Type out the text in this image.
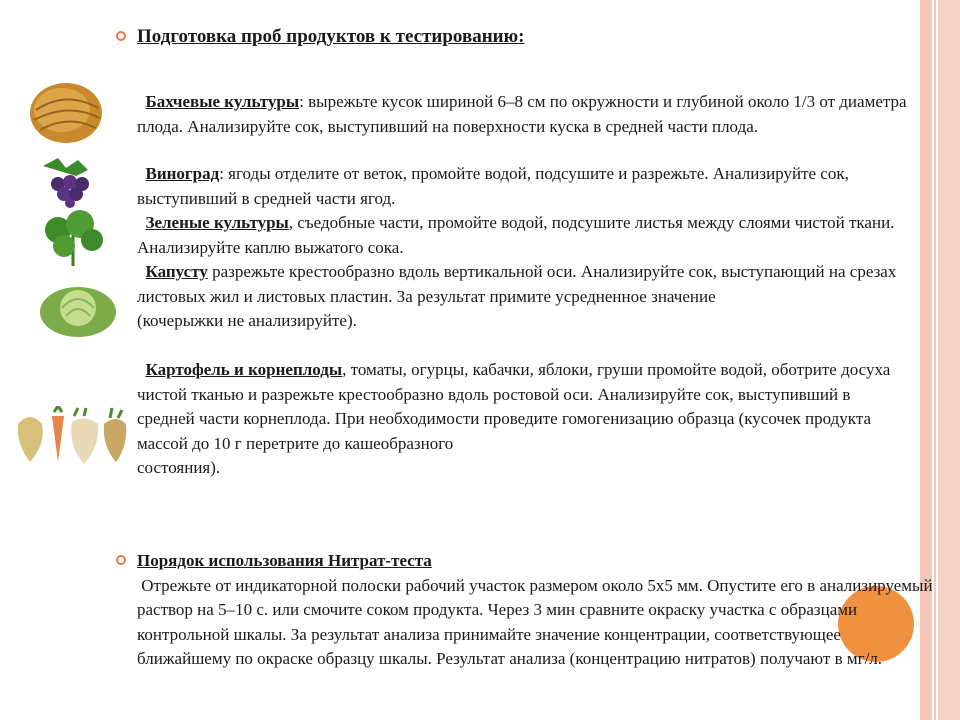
Подготовка проб продуктов к тестированию:
Бахчевые культуры: вырежьте кусок шириной 6–8 см по окружности и глубиной около 1/3 от диаметра плода. Анализируйте сок, выступивший на поверхности куска в средней части плода.
Виноград: ягоды отделите от веток, промойте водой, подсушите и разрежьте. Анализируйте сок, выступивший в средней части ягод.
Зеленые культуры, съедобные части, промойте водой, подсушите листья между слоями чистой ткани. Анализируйте каплю выжатого сока.
Капусту разрежьте крестообразно вдоль вертикальной оси. Анализируйте сок, выступающий на срезах листовых жил и листовых пластин. За результат примите усредненное значение
(кочерыжки не анализируйте).
Картофель и корнеплоды, томаты, огурцы, кабачки, яблоки, груши промойте водой, оботрите досуха чистой тканью и разрежьте крестообразно вдоль ростовой оси. Анализируйте сок, выступивший в средней части корнеплода. При необходимости проведите гомогенизацию образца (кусочек продукта массой до 10 г перетрите до кашеобразного
состояния).
Порядок использования Нитрат-теста
Отрежьте от индикаторной полоски рабочий участок размером около 5х5 мм. Опустите его в анализируемый раствор на 5–10 с. или смочите соком продукта. Через 3 мин сравните окраску участка с образцами контрольной шкалы. За результат анализа принимайте значение концентрации, соответствующее ближайшему по окраске образцу шкалы. Результат анализа (концентрацию нитратов) получают в мг/л.
